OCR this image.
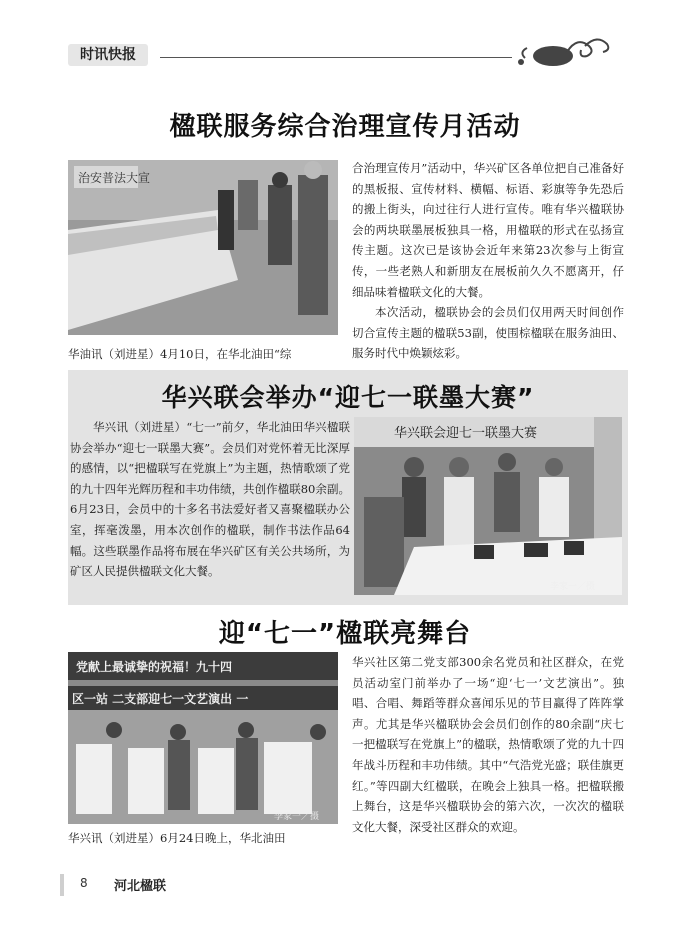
时讯快报
楹联服务综合治理宣传月活动
治安普法大宣
华油讯（刘进星）4月10日，在华北油田“综
合治理宣传月”活动中，华兴矿区各单位把自己准备好的黑板报、宣传材料、横幅、标语、彩旗等争先恐后的搬上街头，向过往行人进行宣传。唯有华兴楹联协会的两块联墨展板独具一格，用楹联的形式在弘扬宣传主题。这次已是该协会近年来第23次参与上街宣传，一些老熟人和新朋友在展板前久久不愿离开，仔细品味着楹联文化的大餐。
本次活动，楹联协会的会员们仅用两天时间创作切合宣传主题的楹联53副，使围棕楹联在服务油田、服务时代中焕颖炫彩。
华兴联会举办“迎七一联墨大赛”
华兴讯（刘进星）“七一”前夕，华北油田华兴楹联协会举办“迎七一联墨大赛”。会员们对党怀着无比深厚的感情，以“把楹联写在党旗上”为主题，热情歌颂了党的九十四年光辉历程和丰功伟绩，共创作楹联80余副。6月23日，会员中的十多名书法爱好者又喜聚楹联办公室，挥毫泼墨，用本次创作的楹联，制作书法作品64幅。这些联墨作品将布展在华兴矿区有关公共场所，为矿区人民提供楹联文化大餐。
华兴联会迎七一联墨大赛
李家一／摄
迎“七一”楹联亮舞台
党献上最诚挚的祝福！九十四
区一站 二支部迎七一文艺演出 一
李家一／摄
华兴讯（刘进星）6月24日晚上，华北油田
华兴社区第二党支部300余名党员和社区群众，在党员活动室门前举办了一场“迎‘七一’文艺演出”。独唱、合唱、舞蹈等群众喜闻乐见的节目赢得了阵阵掌声。尤其是华兴楹联协会会员们创作的80余副“庆七一把楹联写在党旗上”的楹联，热情歌颂了党的九十四年战斗历程和丰功伟绩。其中“气浩党光盛；联佳旗更红。”等四副大红楹联，在晚会上独具一格。把楹联搬上舞台，这是华兴楹联协会的第六次，一次次的楹联文化大餐，深受社区群众的欢迎。
8 河北楹联
